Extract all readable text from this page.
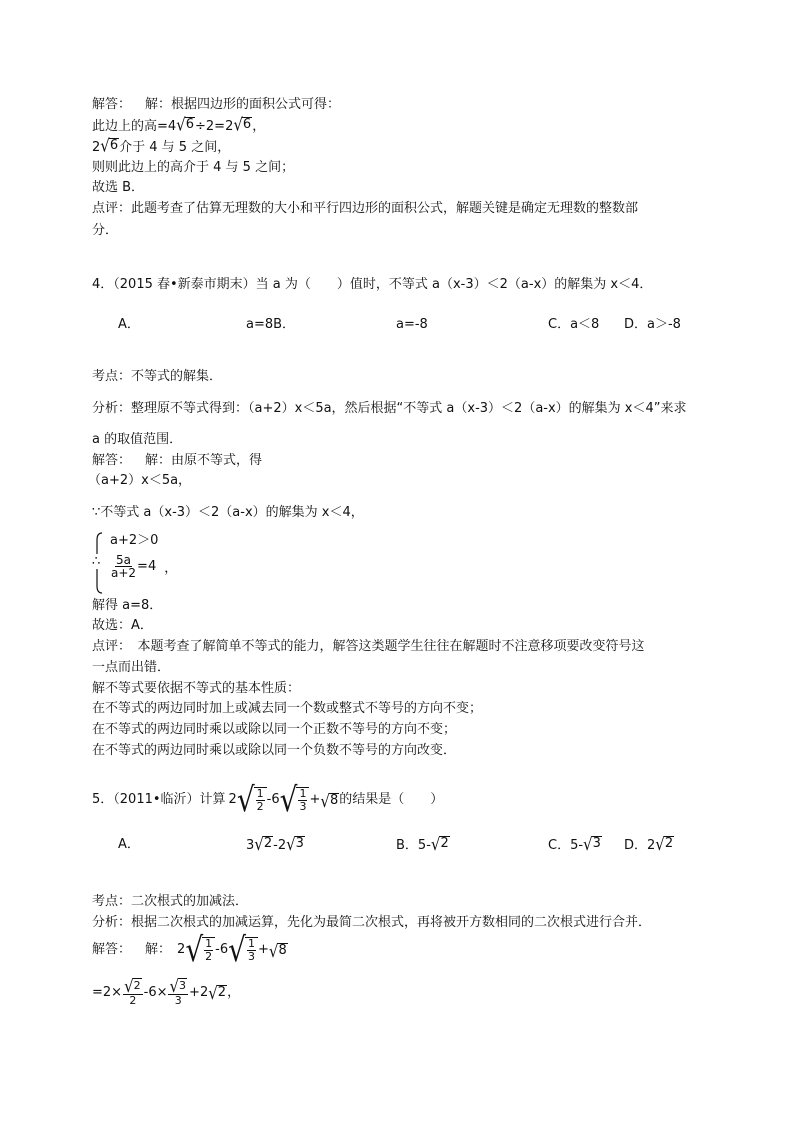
解答： 解：根据四边形的面积公式可得：
此边上的高=4 √ 6 ÷2=2 √ 6 ，
2 √ 6 介于 4 与 5 之间，
则则此边上的高介于 4 与 5 之间；
故选 B．
点评：此题考查了估算无理数的大小和平行四边形的面积公式，解题关键是确定无理数的整数部
分．
4．（2015 春•新泰市期末）当 a 为（　　）值时，不等式 a（x-3）＜2（a-x）的解集为 x＜4．
A．	a=8B．	a=-8	C．a＜8 D．a＞-8
考点：不等式的解集．
分析：整理原不等式得到：（a+2）x＜5a，然后根据“不等式 a（x-3）＜2（a-x）的解集为 x＜4”来求
a 的取值范围．
解答： 解：由原不等式，得
（a+2）x＜5a，
∵不等式 a（x-3）＜2（a-x）的解集为 x＜4，
∴
a+2＞0
$\frac{5a}{a+2} =4$ ，
解得 a=8．
故选：A．
点评：　本题考查了解简单不等式的能力，解答这类题学生往往在解题时不注意移项要改变符号这
一点而出错．
解不等式要依据不等式的基本性质：
在不等式的两边同时加上或减去同一个数或整式不等号的方向不变；
在不等式的两边同时乘以或除以同一个正数不等号的方向不变；
在不等式的两边同时乘以或除以同一个负数不等号的方向改变．
5．（2011•临沂）计算 2 √ $\frac{1}{2} -6$ √ $\frac{1}{3}$ + √ 8 的结果是（　　）
A．	3 √ 2 -2 √ 3	B．5- √ 2	C．5- √ 3 D．2 √ 2
考点：二次根式的加减法．
分析：根据二次根式的加减运算，先化为最简二次根式，再将被开方数相同的二次根式进行合并．
解答： 解： 2 √ $\frac{1}{2} -6$ √ $\frac{1}{3}$ + √ 8
$=2\times \frac{√ 2}{2} -6\times \frac{√ 3}{3} +2$ √ 2 ，
